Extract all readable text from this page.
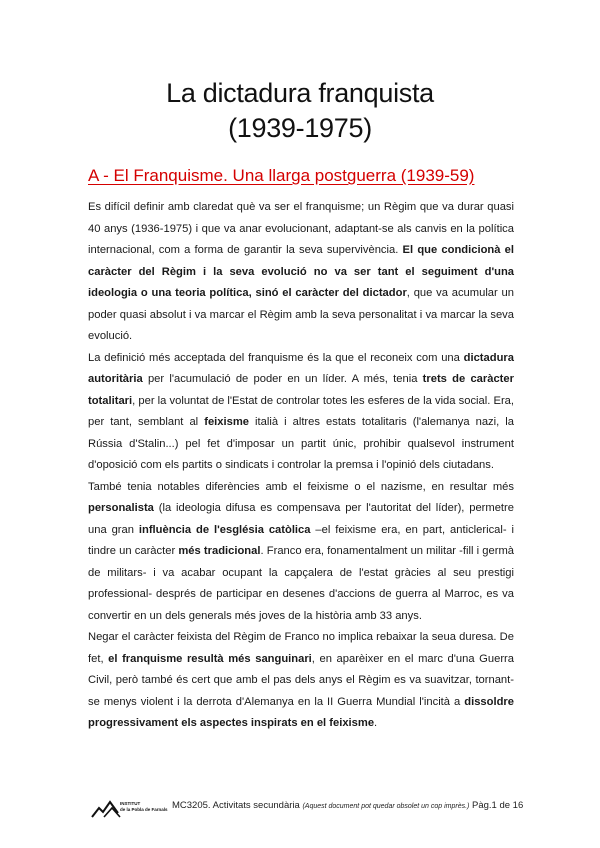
La dictadura franquista
(1939-1975)
A - El Franquisme. Una llarga postguerra (1939-59)

Es difícil definir amb claredat què va ser el franquisme; un Règim que va durar quasi 40 anys (1936-1975) i que va anar evolucionant, adaptant-se als canvis en la política internacional, com a forma de garantir la seva supervivència. El que condicionà el caràcter del Règim i la seva evolució no va ser tant el seguiment d'una ideologia o una teoria política, sinó el caràcter del dictador, que va acumular un poder quasi absolut i va marcar el Règim amb la seva personalitat i va marcar la seva evolució.

La definició més acceptada del franquisme és la que el reconeix com una dictadura autoritària per l'acumulació de poder en un líder. A més, tenia trets de caràcter totalitari, per la voluntat de l'Estat de controlar totes les esferes de la vida social. Era, per tant, semblant al feixisme italià i altres estats totalitaris (l'alemanya nazi, la Rússia d'Stalin...) pel fet d'imposar un partit únic, prohibir qualsevol instrument d'oposició com els partits o sindicats i controlar la premsa i l'opinió dels ciutadans.

També tenia notables diferències amb el feixisme o el nazisme, en resultar més personalista (la ideologia difusa es compensava per l'autoritat del líder), permetre una gran influència de l'església catòlica –el feixisme era, en part, anticlerical- i tindre un caràcter més tradicional. Franco era, fonamentalment un militar -fill i germà de militars- i va acabar ocupant la capçalera de l'estat gràcies al seu prestigi professional- després de participar en desenes d'accions de guerra al Marroc, es va convertir en un dels generals més joves de la història amb 33 anys.

Negar el caràcter feixista del Règim de Franco no implica rebaixar la seua duresa. De fet, el franquisme resultà més sanguinari, en aparèixer en el marc d'una Guerra Civil, però també és cert que amb el pas dels anys el Règim es va suavitzar, tornant-se menys violent i la derrota d'Alemanya en la II Guerra Mundial l'incità a dissoldre progressivament els aspectes inspirats en el feixisme.

INSTITUT
de la Pobla de Farnals MC3205. Activitats secundària (Aquest document pot quedar obsolet un cop imprès.) Pàg.1 de 16
